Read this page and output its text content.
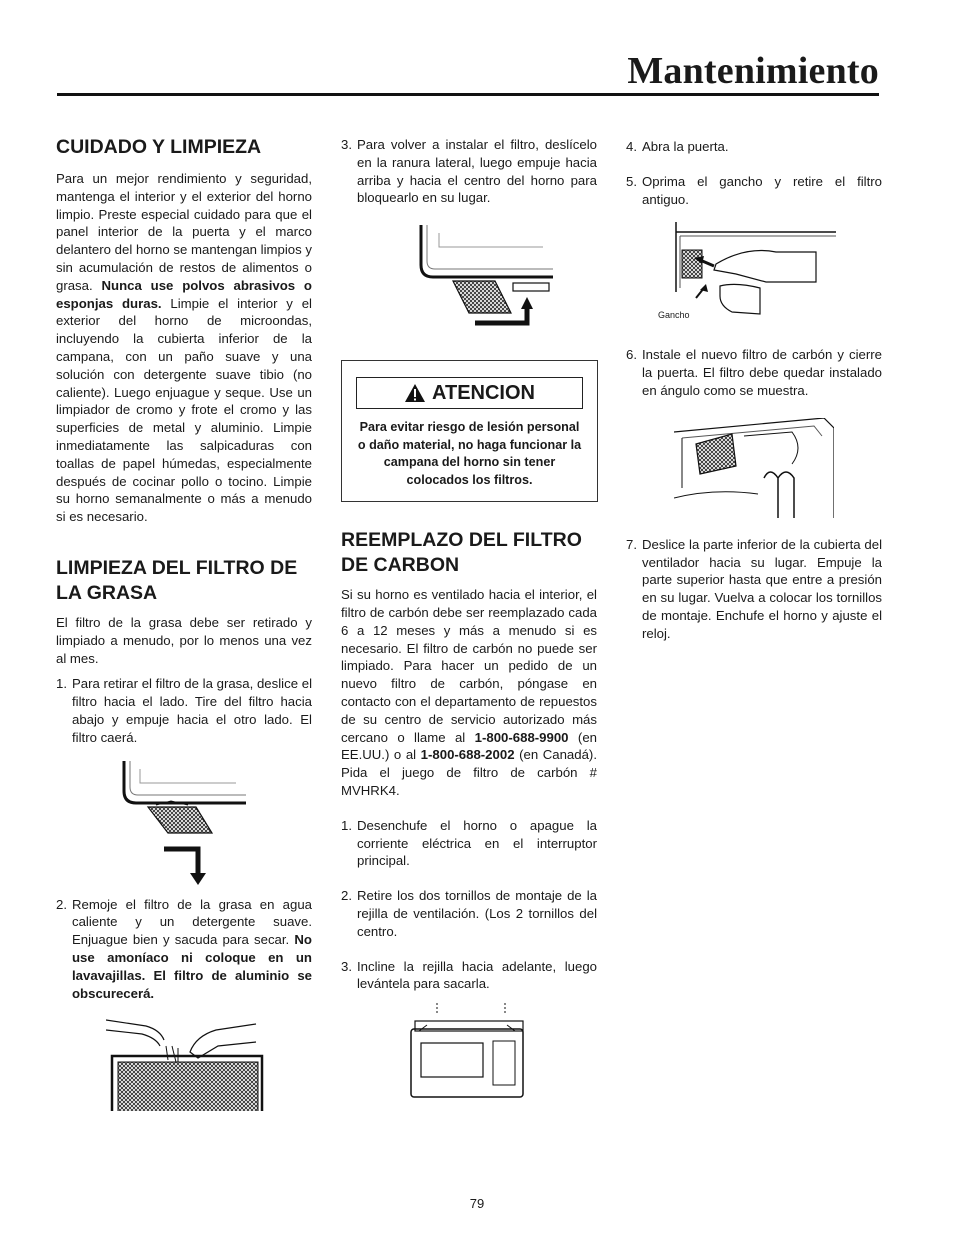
Mantenimiento
CUIDADO Y LIMPIEZA

Para un mejor rendimiento y seguridad, mantenga el interior y el exterior del horno limpio. Preste especial cuidado para que el panel interior de la puerta y el marco delantero del horno se mantengan limpios y sin acumulación de restos de alimentos o grasa. Nunca use polvos abrasivos o esponjas duras. Limpie el interior y el exterior del horno de microondas, incluyendo la cubierta inferior de la campana, con un paño suave y una solución con detergente suave tibio (no caliente). Luego enjuague y seque. Use un limpiador de cromo y frote el cromo y las superficies de metal y aluminio. Limpie inmediatamente las salpicaduras con toallas de papel húmedas, especialmente después de cocinar pollo o tocino. Limpie su horno semanalmente o más a menudo si es necesario.

LIMPIEZA DEL FILTRO DE LA GRASA

El filtro de la grasa debe ser retirado y limpiado a menudo, por lo menos una vez al mes.

1. Para retirar el filtro de la grasa, deslice el filtro hacia el lado. Tire del filtro hacia abajo y empuje hacia el otro lado. El filtro caerá.
2. Remoje el filtro de la grasa en agua caliente y un detergente suave. Enjuague bien y sacuda para secar. No use amoníaco ni coloque en un lavavajillas. El filtro de aluminio se obscurecerá.
3. Para volver a instalar el filtro, deslícelo en la ranura lateral, luego empuje hacia arriba y hacia el centro del horno para bloquearlo en su lugar.
ATENCION
Para evitar riesgo de lesión personal o daño material, no haga funcionar la campana del horno sin tener colocados los filtros.
REEMPLAZO DEL FILTRO DE CARBON

Si su horno es ventilado hacia el interior, el filtro de carbón debe ser reemplazado cada 6 a 12 meses y más a menudo si es necesario. El filtro de carbón no puede ser limpiado. Para hacer un pedido de un nuevo filtro de carbón, póngase en contacto con el departamento de repuestos de su centro de servicio autorizado más cercano o llame al 1-800-688-9900 (en EE.UU.) o al 1-800-688-2002 (en Canadá). Pida el juego de filtro de carbón # MVHRK4.

1. Desenchufe el horno o apague la corriente eléctrica en el interruptor principal.
2. Retire los dos tornillos de montaje de la rejilla de ventilación. (Los 2 tornillos del centro.
3. Incline la rejilla hacia adelante, luego levántela para sacarla.
4. Abra la puerta.
5. Oprima el gancho y retire el filtro antiguo.
Gancho
6. Instale el nuevo filtro de carbón y cierre la puerta. El filtro debe quedar instalado en ángulo como se muestra.
7. Deslice la parte inferior de la cubierta del ventilador hacia su lugar. Empuje la parte superior hasta que entre a presión en su lugar. Vuelva a colocar los tornillos de montaje. Enchufe el horno y ajuste el reloj.
79
